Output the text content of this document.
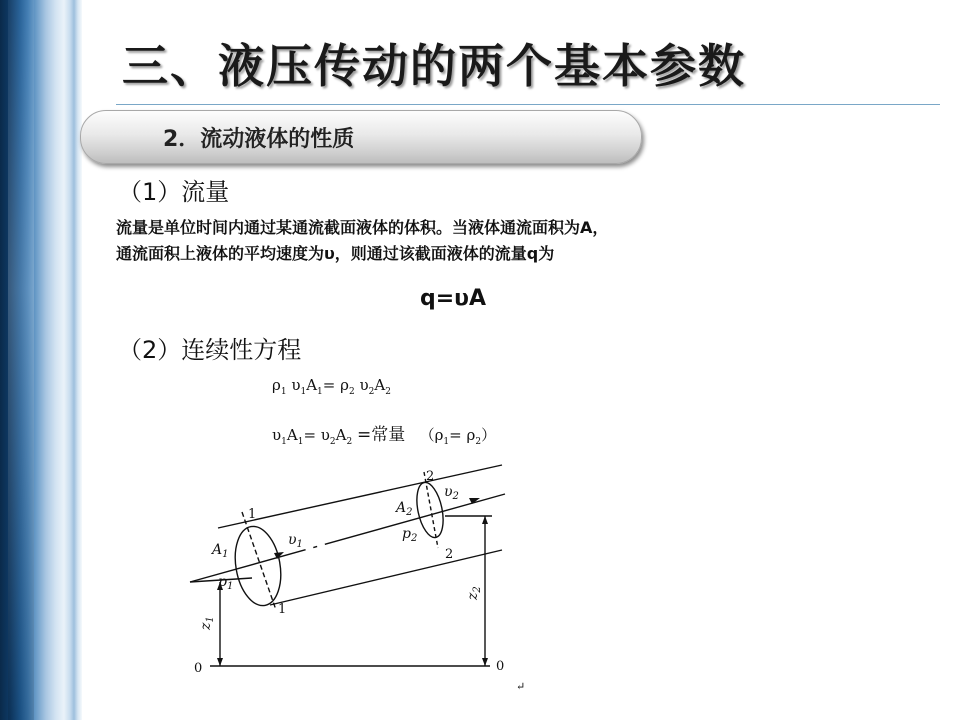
三、液压传动的两个基本参数
2．流动液体的性质
（1）流量
流量是单位时间内通过某通流截面液体的体积。当液体通流面积为A，
通流面积上液体的平均速度为υ，则通过该截面液体的流量q为
q=υA
（2）连续性方程
$\rho_1$ $\upsilon_1A_1= \rho_2$ $\upsilon_2A_2$
$\upsilon_1A_1= \upsilon_2A_2$ =常量 $(\rho_1= \rho_2)$
1
1
2
2
0	0
$A_1$
$p_1$
$\upsilon_1$
$A_2$
$p_2$
$\upsilon_2$
$z_1$
$z_2$
↵
